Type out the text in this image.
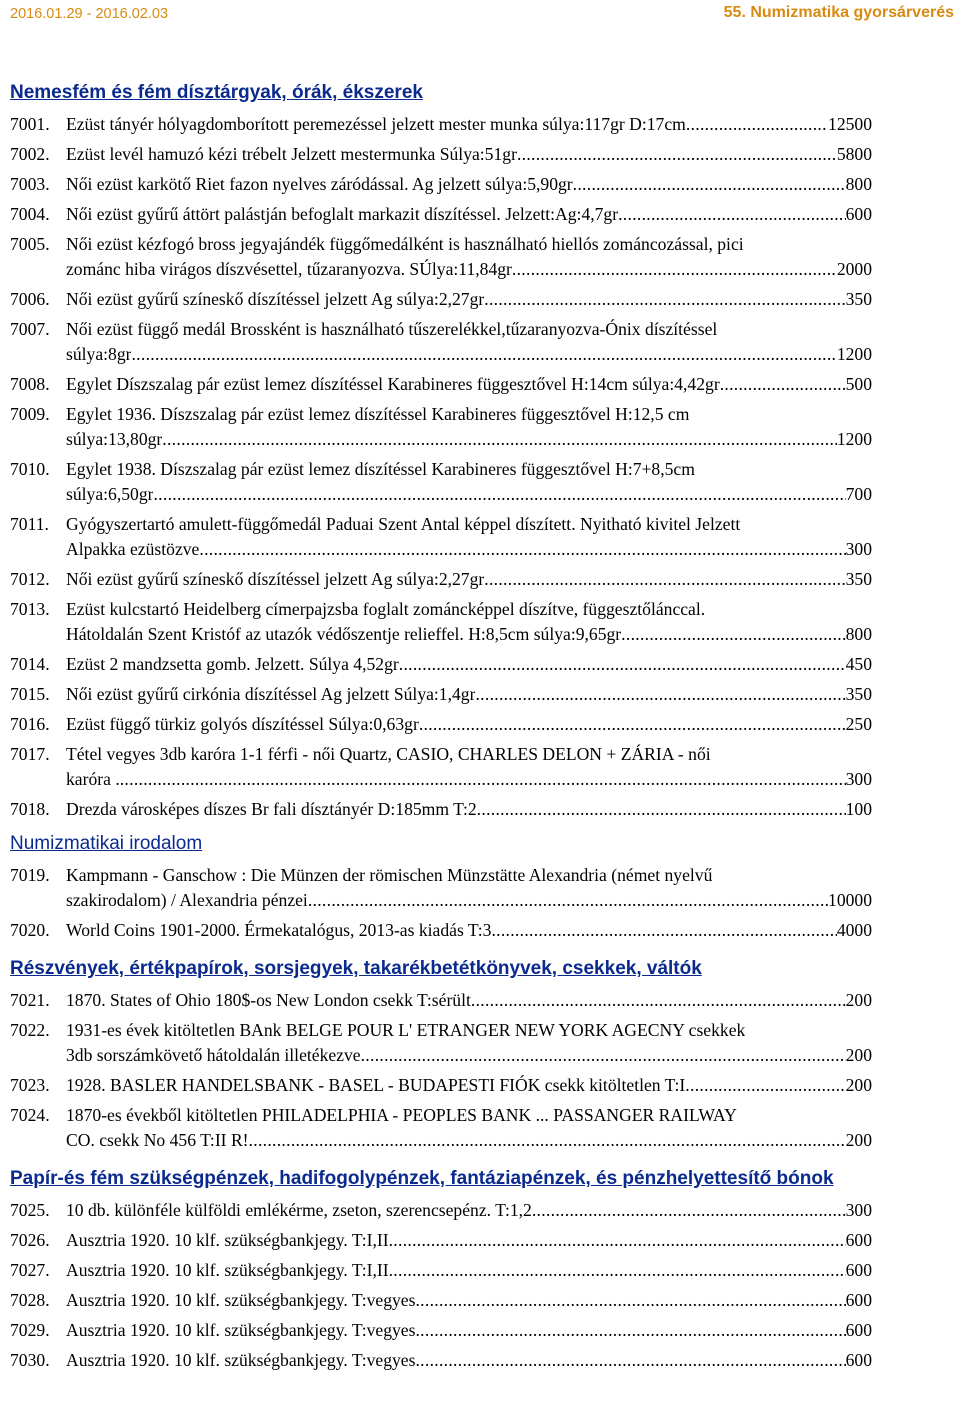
2016.01.29 - 2016.02.03	55. Numizmatika gyorsárverés
Nemesfém és fém dísztárgyak, órák, ékszerek
7001. Ezüst tányér hólyagdomborított peremezéssel jelzett mester munka súlya:117gr D:17cm .....	12500
7002. Ezüst levél hamuzó kézi trébelt Jelzett mestermunka Súlya:51gr .....	5800
7003. Női ezüst karkötő Riet fazon nyelves záródással. Ag jelzett súlya:5,90gr .....	800
7004. Női ezüst gyűrű áttört palástján befoglalt markazit díszítéssel. Jelzett:Ag:4,7gr .....	600
7005. Női ezüst kézfogó bross jegyajándék függőmedálként is használható hiellós zománcozással, pici
zománc hiba virágos díszvésettel, tűzaranyozva. SÚlya:11,84gr .....	2000
7006. Női ezüst gyűrű színeskő díszítéssel jelzett Ag súlya:2,27gr .....	350
7007. Női ezüst függő medál Brossként is használható tűszerelékkel,tűzaranyozva-Ónix díszítéssel
súlya:8gr .....	1200
7008. Egylet Díszszalag pár ezüst lemez díszítéssel Karabineres függesztővel H:14cm súlya:4,42gr .....	500
7009. Egylet 1936. Díszszalag pár ezüst lemez díszítéssel Karabineres függesztővel H:12,5 cm
súlya:13,80gr .....	1200
7010. Egylet 1938. Díszszalag pár ezüst lemez díszítéssel Karabineres függesztővel H:7+8,5cm
súlya:6,50gr .....	700
7011. Gyógyszertartó amulett-függőmedál Paduai Szent Antal képpel díszített. Nyitható kivitel Jelzett
Alpakka ezüstözve .....	300
7012. Női ezüst gyűrű színeskő díszítéssel jelzett Ag súlya:2,27gr .....	350
7013. Ezüst kulcstartó Heidelberg címerpajzsba foglalt zománcképpel díszítve, függesztőlánccal.
Hátoldalán Szent Kristóf az utazók védőszentje relieffel. H:8,5cm súlya:9,65gr .....	800
7014. Ezüst 2 mandzsetta gomb. Jelzett. Súlya 4,52gr .....	450
7015. Női ezüst gyűrű cirkónia díszítéssel Ag jelzett Súlya:1,4gr .....	350
7016. Ezüst függő türkiz golyós díszítéssel Súlya:0,63gr .....	250
7017. Tétel vegyes 3db karóra 1-1 férfi - női Quartz, CASIO, CHARLES DELON + ZÁRIA - női
karóra . .....	300
7018. Drezda városképes díszes Br fali dísztányér D:185mm T:2 .....	100
Numizmatikai irodalom
7019. Kampmann - Ganschow : Die Münzen der römischen Münzstätte Alexandria (német nyelvű
szakirodalom) / Alexandria pénzei .....	10000
7020. World Coins 1901-2000. Érmekatalógus, 2013-as kiadás T:3 .....	4000
Részvények, értékpapírok, sorsjegyek, takarékbetétkönyvek, csekkek, váltók
7021. 1870. States of Ohio 180$-os New London csekk T:sérült .....	200
7022. 1931-es évek kitöltetlen BAnk BELGE POUR L' ETRANGER NEW YORK AGECNY csekkek
3db sorszámkövető hátoldalán illetékezve .....	200
7023. 1928. BASLER HANDELSBANK - BASEL - BUDAPESTI FIÓK csekk kitöltetlen T:I .....	200
7024. 1870-es évekből kitöltetlen PHILADELPHIA - PEOPLES BANK ... PASSANGER RAILWAY
CO. csekk No 456 T:II R! .....	200
Papír-és fém szükségpénzek, hadifogolypénzek, fantáziapénzek, és pénzhelyettesítő bónok
7025. 10 db. különféle külföldi emlékérme, zseton, szerencsepénz. T:1,2 .....	300
7026. Ausztria 1920. 10 klf. szükségbankjegy. T:I,II .....	600
7027. Ausztria 1920. 10 klf. szükségbankjegy. T:I,II .....	600
7028. Ausztria 1920. 10 klf. szükségbankjegy. T:vegyes .....	600
7029. Ausztria 1920. 10 klf. szükségbankjegy. T:vegyes .....	600
7030. Ausztria 1920. 10 klf. szükségbankjegy. T:vegyes .....	600
